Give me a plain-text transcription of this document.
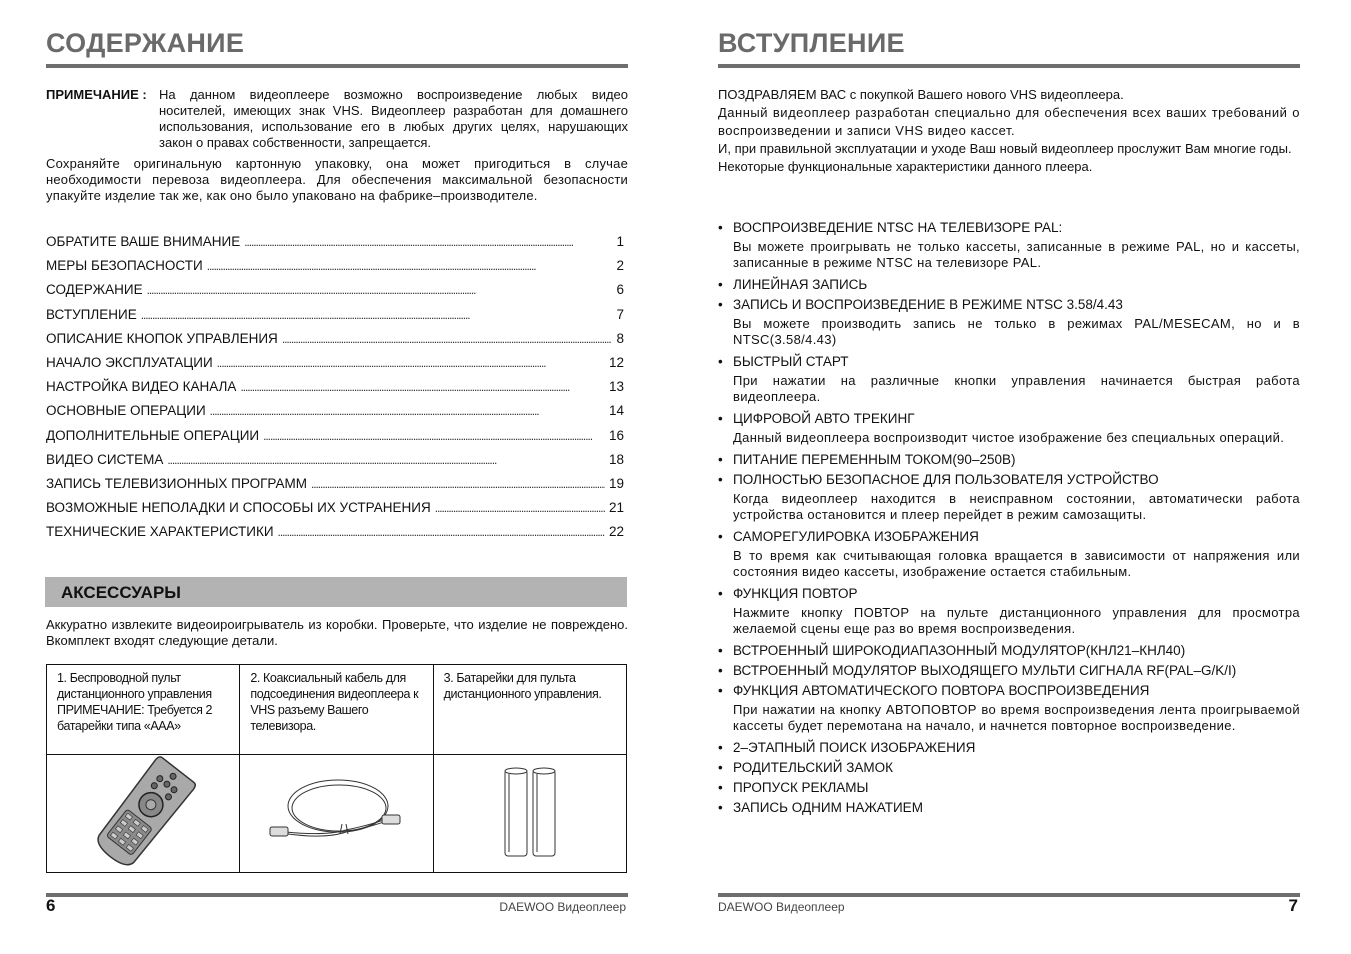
СОДЕРЖАНИЕ
ПРИМЕЧАНИЕ : На данном видеоплеере возможно воспроизведение любых видео носителей, имеющих знак VHS. Видеоплеер разработан для домашнего использования, использование его в любых других целях, нарушающих закон о правах собственности, запрещается.

Сохраняйте оригинальную картонную упаковку, она может пригодиться в случае необходимости перевоза видеоплеера. Для обеспечения максимальной безопасности упакуйте изделие так же, как оно было упаковано на фабрике–производителе.

ОБРАТИТЕ ВАШЕ ВНИМАНИЕ . . .	1
МЕРЫ БЕЗОПАСНОСТИ . . .	2
СОДЕРЖАНИЕ . . .	6
ВСТУПЛЕНИЕ . . .	7
ОПИСАНИЕ КНОПОК УПРАВЛЕНИЯ . . .	8
НАЧАЛО ЭКСПЛУАТАЦИИ . . .	12
НАСТРОЙКА ВИДЕО КАНАЛА . . .	13
ОСНОВНЫЕ ОПЕРАЦИИ . . .	14
ДОПОЛНИТЕЛЬНЫЕ ОПЕРАЦИИ . . .	16
ВИДЕО СИСТЕМА . . .	18
ЗАПИСЬ ТЕЛЕВИЗИОННЫХ ПРОГРАММ . . .	19
ВОЗМОЖНЫЕ НЕПОЛАДКИ И СПОСОБЫ ИХ УСТРАНЕНИЯ . . .	21
ТЕХНИЧЕСКИЕ ХАРАКТЕРИСТИКИ . . .	22
АКСЕССУАРЫ

Аккуратно извлеките видеоироигрыватель из коробки. Проверьте, что изделие не повреждено. Вкомплект входят следующие детали.

1. Беспроводной пульт дистанционного управления ПРИМЕЧАНИЕ: Требуется 2 батарейки типа «ААА»	2. Коаксиальный кабель для подсоединения видеоплеера к VHS разъему Вашего телевизора.	3. Батарейки для пульта дистанционного управления.

6	DAEWOO Видеоплеер
ВСТУПЛЕНИЕ

ПОЗДРАВЛЯЕМ ВАС с покупкой Вашего нового VHS видеоплеера.

Данный видеоплеер разработан специально для обеспечения всех ваших требований о воспроизведении и записи VHS видео кассет.

И, при правильной эксплуатации и уходе Ваш новый видеоплеер прослужит Вам многие годы.

Некоторые функциональные характеристики данного плеера.

• ВОСПРОИЗВЕДЕНИЕ NTSC НА ТЕЛЕВИЗОРЕ PAL:
Вы можете проигрывать не только кассеты, записанные в режиме PAL, но и кассеты, записанные в режиме NTSC на телевизоре PAL.
• ЛИНЕЙНАЯ ЗАПИСЬ
• ЗАПИСЬ И ВОСПРОИЗВЕДЕНИЕ В РЕЖИМЕ NTSC 3.58/4.43
Вы можете производить запись не только в режимах PAL/MESECAM, но и в NTSC(3.58/4.43)
• БЫСТРЫЙ СТАРТ
При нажатии на различные кнопки управления начинается быстрая работа видеоплеера.
• ЦИФРОВОЙ АВТО ТРЕКИНГ
Данный видеоплеера воспроизводит чистое изображение без специальных операций.
• ПИТАНИЕ ПЕРЕМЕННЫМ ТОКОМ(90–250В)
• ПОЛНОСТЬЮ БЕЗОПАСНОЕ ДЛЯ ПОЛЬЗОВАТЕЛЯ УСТРОЙСТВО
Когда видеоплеер находится в неисправном состоянии, автоматически работа устройства остановится и плеер перейдет в режим самозащиты.
• САМОРЕГУЛИРОВКА ИЗОБРАЖЕНИЯ
В то время как считывающая головка вращается в зависимости от напряжения или состояния видео кассеты, изображение остается стабильным.
• ФУНКЦИЯ ПОВТОР
Нажмите кнопку ПОВТОР на пульте дистанционного управления для просмотра желаемой сцены еще раз во время воспроизведения.
• ВСТРОЕННЫЙ ШИРОКОДИАПАЗОННЫЙ МОДУЛЯТОР(КНЛ21–КНЛ40)
• ВСТРОЕННЫЙ МОДУЛЯТОР ВЫХОДЯЩЕГО МУЛЬТИ СИГНАЛА RF(PAL–G/K/I)
• ФУНКЦИЯ АВТОМАТИЧЕСКОГО ПОВТОРА ВОСПРОИЗВЕДЕНИЯ
При нажатии на кнопку АВТОПОВТОР во время воспроизведения лента проигрываемой кассеты будет перемотана на начало, и начнется повторное воспроизведение.
• 2–ЭТАПНЫЙ ПОИСК ИЗОБРАЖЕНИЯ
• РОДИТЕЛЬСКИЙ ЗАМОК
• ПРОПУСК РЕКЛАМЫ
• ЗАПИСЬ ОДНИМ НАЖАТИЕМ
DAEWOO Видеоплеер	7
